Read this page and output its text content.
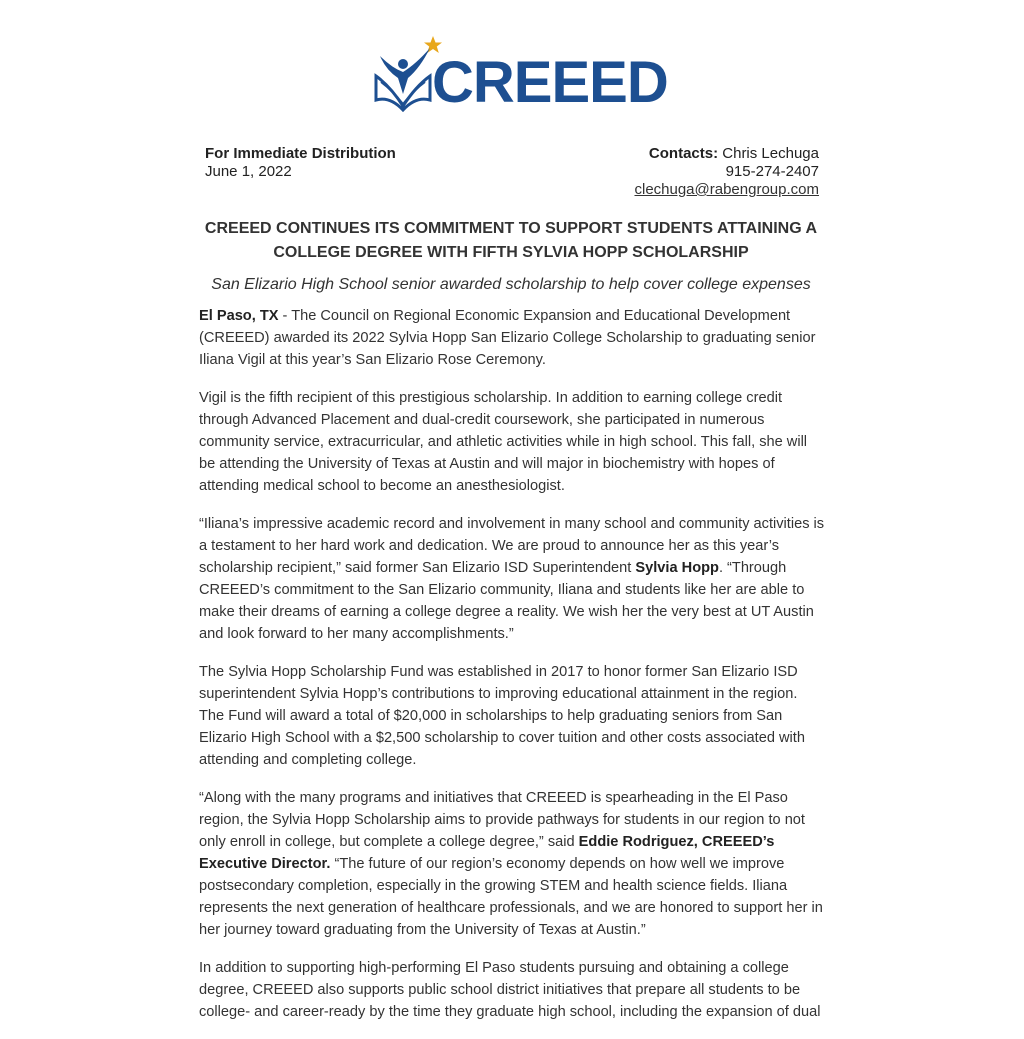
CREEED
For Immediate Distribution
June 1, 2022
Contacts: Chris Lechuga
915-274-2407
clechuga@rabengroup.com
CREEED CONTINUES ITS COMMITMENT TO SUPPORT STUDENTS ATTAINING A COLLEGE DEGREE WITH FIFTH SYLVIA HOPP SCHOLARSHIP
San Elizario High School senior awarded scholarship to help cover college expenses

El Paso, TX - The Council on Regional Economic Expansion and Educational Development (CREEED) awarded its 2022 Sylvia Hopp San Elizario College Scholarship to graduating senior Iliana Vigil at this year’s San Elizario Rose Ceremony.

Vigil is the fifth recipient of this prestigious scholarship. In addition to earning college credit through Advanced Placement and dual-credit coursework, she participated in numerous community service, extracurricular, and athletic activities while in high school. This fall, she will be attending the University of Texas at Austin and will major in biochemistry with hopes of attending medical school to become an anesthesiologist.

“Iliana’s impressive academic record and involvement in many school and community activities is a testament to her hard work and dedication. We are proud to announce her as this year’s scholarship recipient,” said former San Elizario ISD Superintendent Sylvia Hopp. “Through CREEED’s commitment to the San Elizario community, Iliana and students like her are able to make their dreams of earning a college degree a reality. We wish her the very best at UT Austin and look forward to her many accomplishments.”

The Sylvia Hopp Scholarship Fund was established in 2017 to honor former San Elizario ISD superintendent Sylvia Hopp’s contributions to improving educational attainment in the region. The Fund will award a total of $20,000 in scholarships to help graduating seniors from San Elizario High School with a $2,500 scholarship to cover tuition and other costs associated with attending and completing college.

“Along with the many programs and initiatives that CREEED is spearheading in the El Paso region, the Sylvia Hopp Scholarship aims to provide pathways for students in our region to not only enroll in college, but complete a college degree,” said Eddie Rodriguez, CREEED’s Executive Director. “The future of our region’s economy depends on how well we improve postsecondary completion, especially in the growing STEM and health science fields. Iliana represents the next generation of healthcare professionals, and we are honored to support her in her journey toward graduating from the University of Texas at Austin.”

In addition to supporting high-performing El Paso students pursuing and obtaining a college degree, CREEED also supports public school district initiatives that prepare all students to be college- and career-ready by the time they graduate high school, including the expansion of dual
